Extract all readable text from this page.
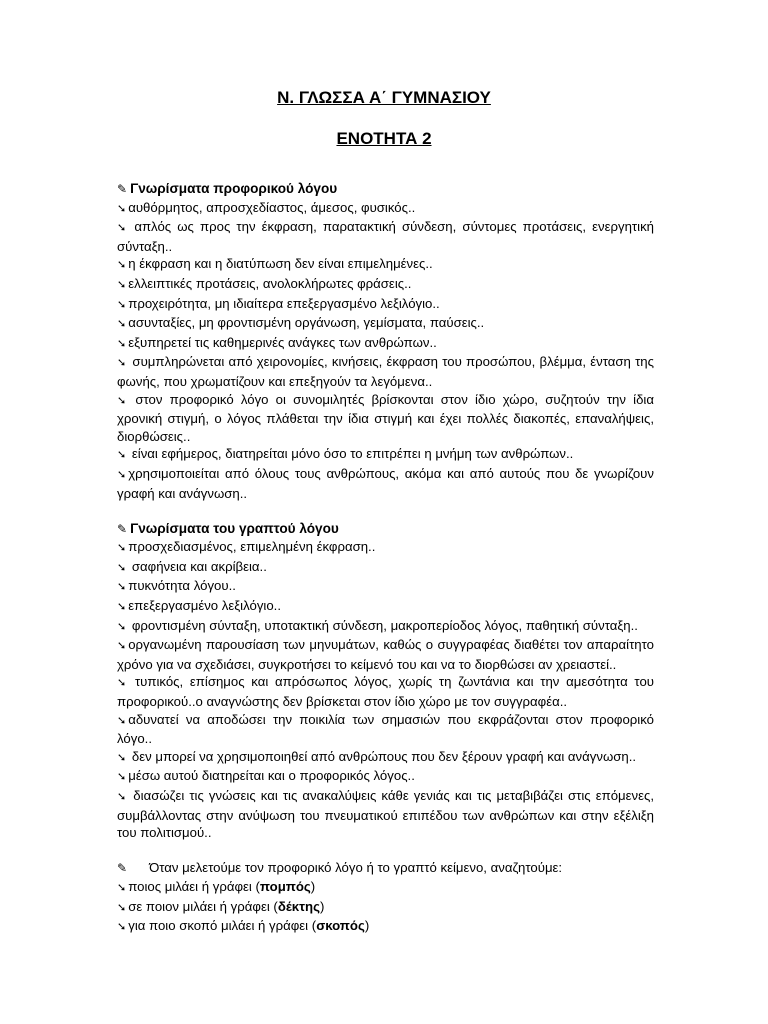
Ν. ΓΛΩΣΣΑ Α΄ ΓΥΜΝΑΣΙΟΥ
ΕΝΟΤΗΤΑ 2

✎ Γνωρίσματα προφορικού λόγου

➘ αυθόρμητος, απροσχεδίαστος, άμεσος, φυσικός..

➘ απλός ως προς την έκφραση, παρατακτική σύνδεση, σύντομες προτάσεις, ενεργητική σύνταξη..

➘ η έκφραση και η διατύπωση δεν είναι επιμελημένες..

➘ ελλειπτικές προτάσεις, ανολοκλήρωτες φράσεις..

➘ προχειρότητα, μη ιδιαίτερα επεξεργασμένο λεξιλόγιο..

➘ ασυνταξίες, μη φροντισμένη οργάνωση, γεμίσματα, παύσεις..

➘ εξυπηρετεί τις καθημερινές ανάγκες των ανθρώπων..

➘ συμπληρώνεται από χειρονομίες, κινήσεις, έκφραση του προσώπου, βλέμμα, ένταση της φωνής, που χρωματίζουν και επεξηγούν τα λεγόμενα..

➘ στον προφορικό λόγο οι συνομιλητές βρίσκονται στον ίδιο χώρο, συζητούν την ίδια χρονική στιγμή, ο λόγος πλάθεται την ίδια στιγμή και έχει πολλές διακοπές, επαναλήψεις, διορθώσεις..

➘ είναι εφήμερος, διατηρείται μόνο όσο το επιτρέπει η μνήμη των ανθρώπων..

➘ χρησιμοποιείται από όλους τους ανθρώπους, ακόμα και από αυτούς που δε γνωρίζουν γραφή και ανάγνωση..

✎ Γνωρίσματα του γραπτού λόγου

➘ προσχεδιασμένος, επιμελημένη έκφραση..

➘ σαφήνεια και ακρίβεια..

➘ πυκνότητα λόγου..

➘ επεξεργασμένο λεξιλόγιο..

➘ φροντισμένη σύνταξη, υποτακτική σύνδεση, μακροπερίοδος λόγος, παθητική σύνταξη..

➘ οργανωμένη παρουσίαση των μηνυμάτων, καθώς ο συγγραφέας διαθέτει τον απαραίτητο χρόνο για να σχεδιάσει, συγκροτήσει το κείμενό του και να το διορθώσει αν χρειαστεί..

➘ τυπικός, επίσημος και απρόσωπος λόγος, χωρίς τη ζωντάνια και την αμεσότητα του προφορικού..ο αναγνώστης δεν βρίσκεται στον ίδιο χώρο με τον συγγραφέα..

➘ αδυνατεί να αποδώσει την ποικιλία των σημασιών που εκφράζονται στον προφορικό λόγο..

➘ δεν μπορεί να χρησιμοποιηθεί από ανθρώπους που δεν ξέρουν γραφή και ανάγνωση..

➘ μέσω αυτού διατηρείται και ο προφορικός λόγος..

➘ διασώζει τις γνώσεις και τις ανακαλύψεις κάθε γενιάς και τις μεταβιβάζει στις επόμενες, συμβάλλοντας στην ανύψωση του πνευματικού επιπέδου των ανθρώπων και στην εξέλιξη του πολιτισμού..

✎ Όταν μελετούμε τον προφορικό λόγο ή το γραπτό κείμενο, αναζητούμε:

➘ ποιος μιλάει ή γράφει (πομπός)

➘ σε ποιον μιλάει ή γράφει (δέκτης)

➘ για ποιο σκοπό μιλάει ή γράφει (σκοπός)
